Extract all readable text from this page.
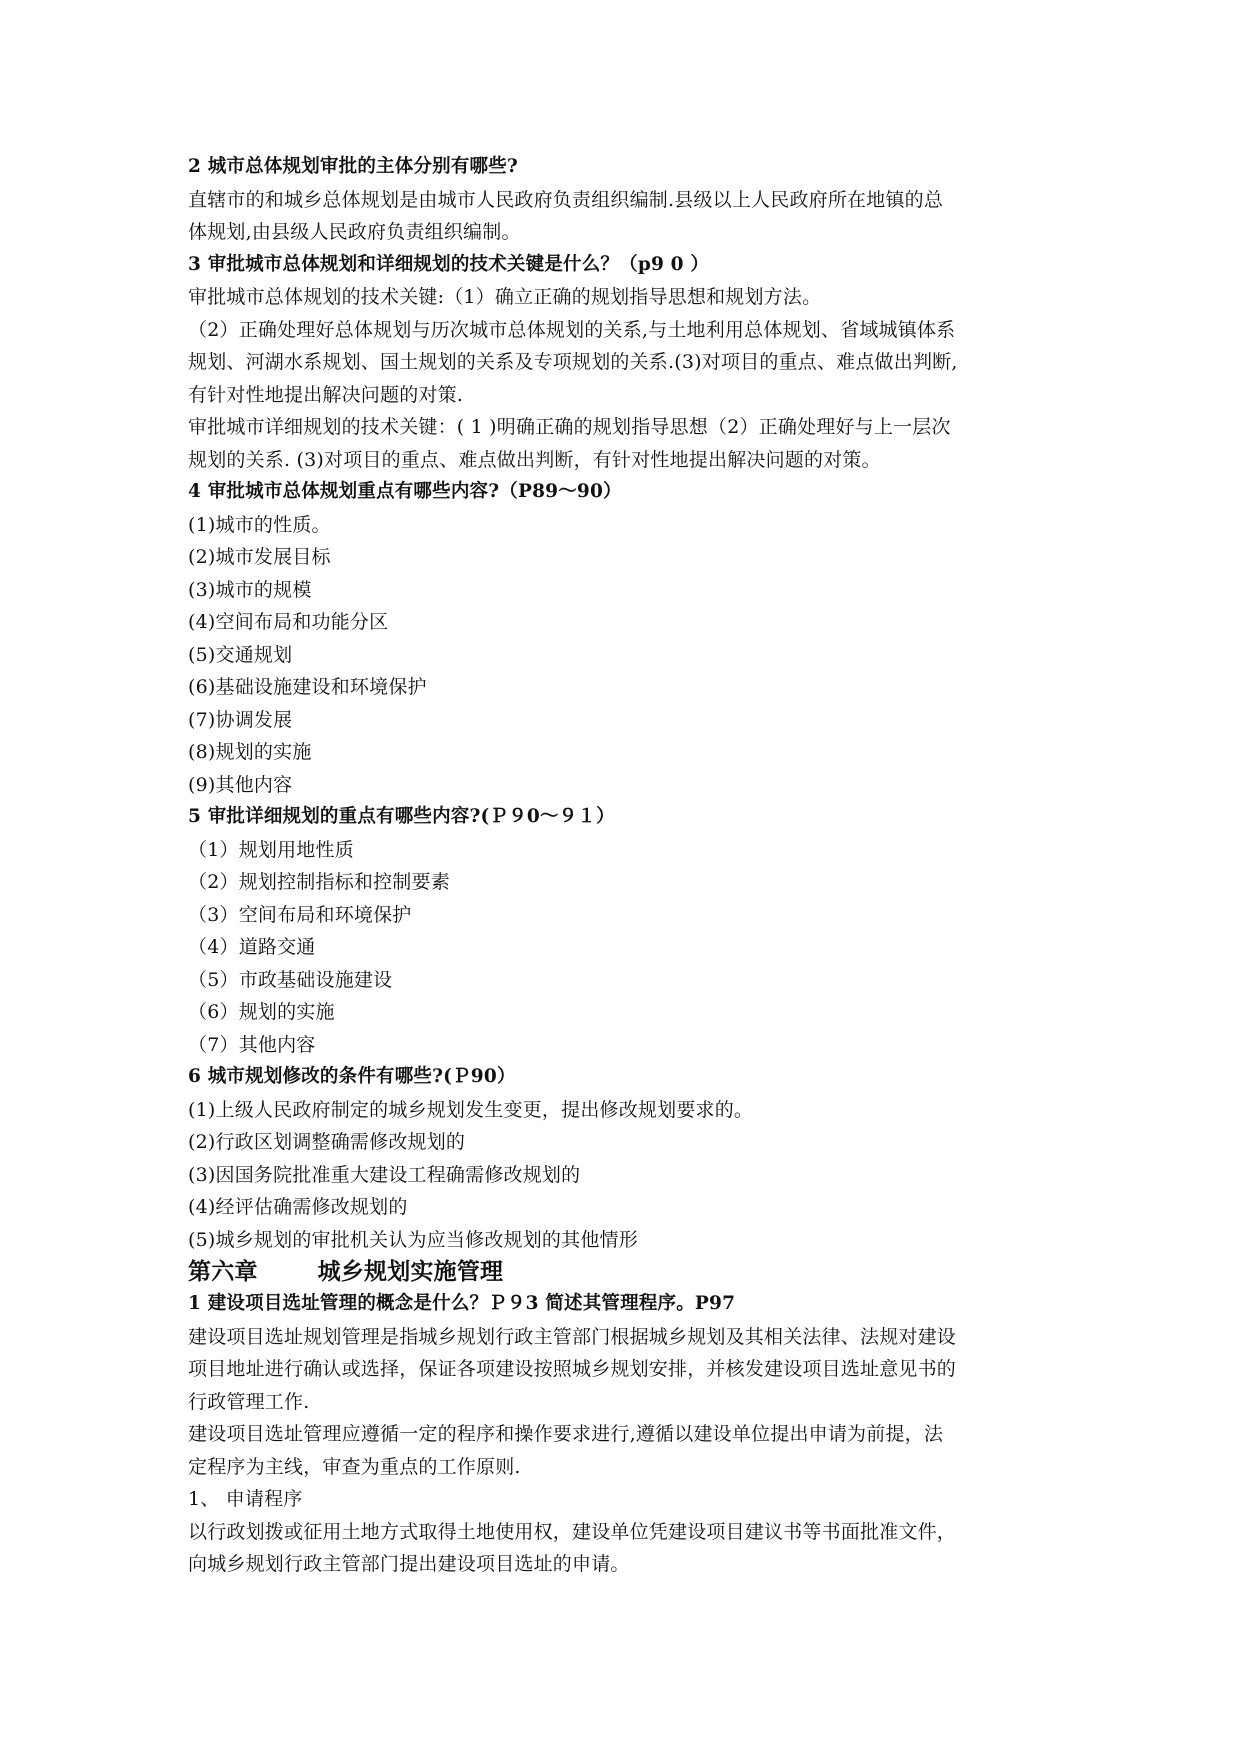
2 城市总体规划审批的主体分别有哪些?
直辖市的和城乡总体规划是由城市人民政府负责组织编制.县级以上人民政府所在地镇的总
体规划,由县级人民政府负责组织编制。
3 审批城市总体规划和详细规划的技术关键是什么？（p9 0 ）
审批城市总体规划的技术关键:（1）确立正确的规划指导思想和规划方法。
（2）正确处理好总体规划与历次城市总体规划的关系,与土地利用总体规划、省域城镇体系
规划、河湖水系规划、国土规划的关系及专项规划的关系.(3)对项目的重点、难点做出判断,
有针对性地提出解决问题的对策.
审批城市详细规划的技术关键：( 1 )明确正确的规划指导思想（2）正确处理好与上一层次
规划的关系. (3)对项目的重点、难点做出判断，有针对性地提出解决问题的对策。
4 审批城市总体规划重点有哪些内容?（P89～90）
(1)城市的性质。
(2)城市发展目标
(3)城市的规模
(4)空间布局和功能分区
(5)交通规划
(6)基础设施建设和环境保护
(7)协调发展
(8)规划的实施
(9)其他内容
5 审批详细规划的重点有哪些内容?(Ｐ９0～９１）
（1）规划用地性质
（2）规划控制指标和控制要素
（3）空间布局和环境保护
（4）道路交通
（5）市政基础设施建设
（6）规划的实施
（7）其他内容
6 城市规划修改的条件有哪些?(Ｐ90）
(1)上级人民政府制定的城乡规划发生变更，提出修改规划要求的。
(2)行政区划调整确需修改规划的
(3)因国务院批准重大建设工程确需修改规划的
(4)经评估确需修改规划的
(5)城乡规划的审批机关认为应当修改规划的其他情形
第六章	城乡规划实施管理
1 建设项目选址管理的概念是什么？Ｐ９3 简述其管理程序。P97
建设项目选址规划管理是指城乡规划行政主管部门根据城乡规划及其相关法律、法规对建设
项目地址进行确认或选择，保证各项建设按照城乡规划安排，并核发建设项目选址意见书的
行政管理工作.
建设项目选址管理应遵循一定的程序和操作要求进行,遵循以建设单位提出申请为前提，法
定程序为主线，审查为重点的工作原则.
1、 申请程序
以行政划拨或征用土地方式取得土地使用权，建设单位凭建设项目建议书等书面批准文件，
向城乡规划行政主管部门提出建设项目选址的申请。
